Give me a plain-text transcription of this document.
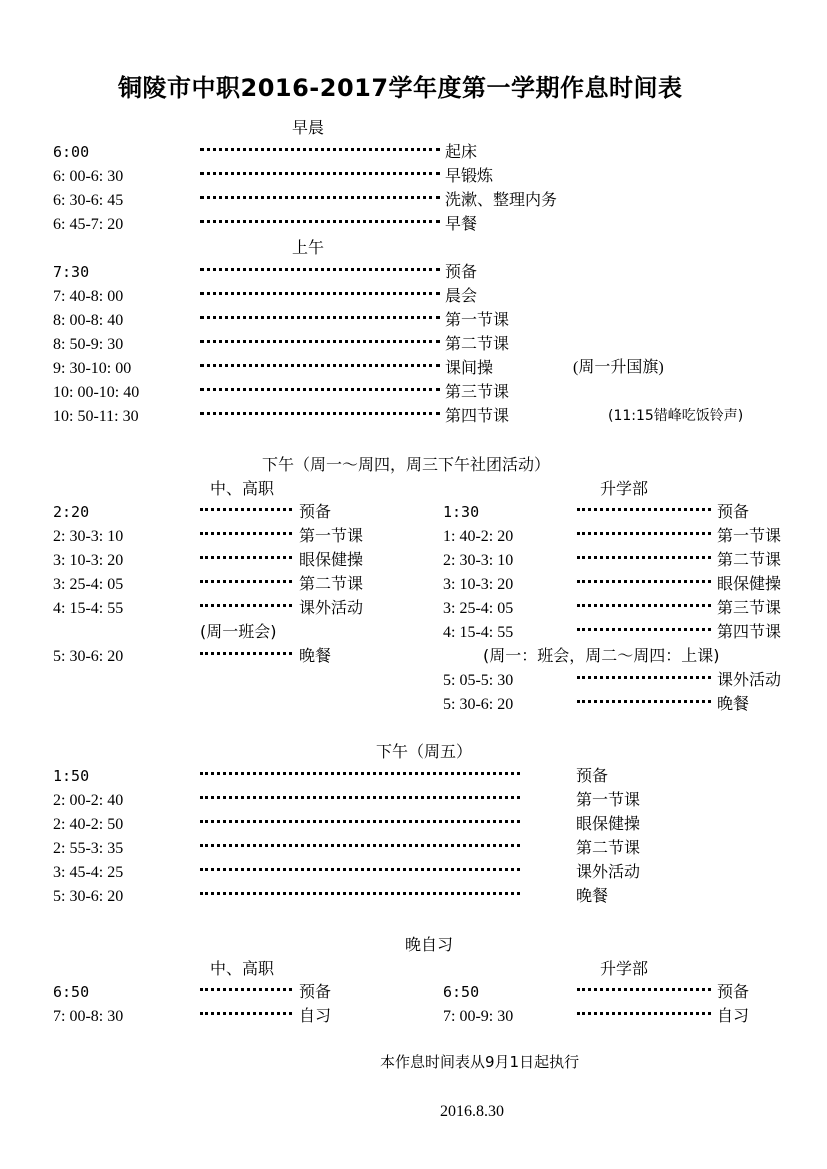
铜陵市中职2016-2017学年度第一学期作息时间表
早晨
6:00	起床
6: 00-6: 30	早锻炼
6: 30-6: 45	洗漱、整理内务
6: 45-7: 20	早餐
上午
7:30	预备
7: 40-8: 00	晨会
8: 00-8: 40	第一节课
8: 50-9: 30	第二节课
9: 30-10: 00	课间操	(周一升国旗)
10: 00-10: 40	第三节课
10: 50-11: 30	第四节课	(11:15错峰吃饭铃声)
下午（周一～周四，周三下午社团活动）
中、高职	升学部
2:20	预备
2: 30-3: 10	第一节课
3: 10-3: 20	眼保健操
3: 25-4: 05	第二节课
4: 15-4: 55	课外活动
(周一班会)
5: 30-6: 20	晚餐
1:30	预备
1: 40-2: 20	第一节课
2: 30-3: 10	第二节课
3: 10-3: 20	眼保健操
3: 25-4: 05	第三节课
4: 15-4: 55	第四节课
(周一：班会，周二～周四：上课)
5: 05-5: 30	课外活动
5: 30-6: 20	晚餐
下午（周五）
1:50	预备
2: 00-2: 40	第一节课
2: 40-2: 50	眼保健操
2: 55-3: 35	第二节课
3: 45-4: 25	课外活动
5: 30-6: 20	晚餐
晚自习
中、高职	升学部
6:50	预备
7: 00-8: 30	自习
6:50	预备
7: 00-9: 30	自习
本作息时间表从9月1日起执行
2016.8.30
